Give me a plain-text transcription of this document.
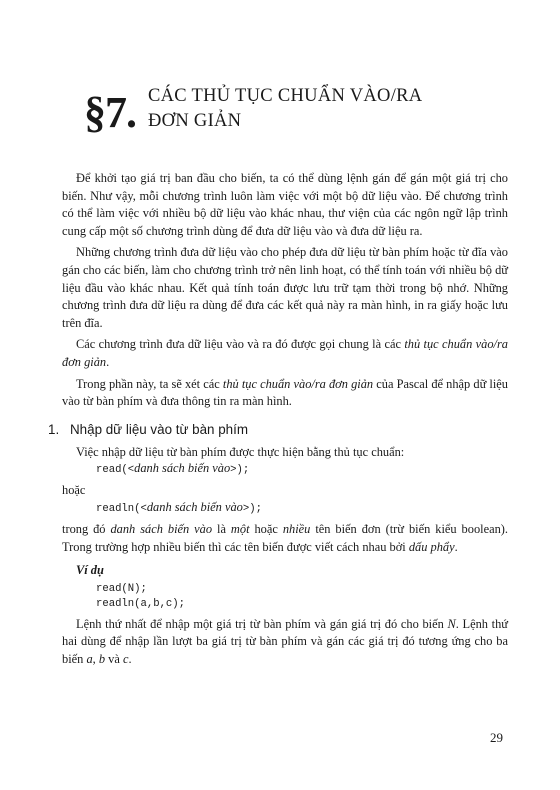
§7. CÁC THỦ TỤC CHUẨN VÀO/RA
ĐƠN GIẢN

Để khởi tạo giá trị ban đầu cho biến, ta có thể dùng lệnh gán để gán một giá trị cho biến. Như vậy, mỗi chương trình luôn làm việc với một bộ dữ liệu vào. Để chương trình có thể làm việc với nhiều bộ dữ liệu vào khác nhau, thư viện của các ngôn ngữ lập trình cung cấp một số chương trình dùng để đưa dữ liệu vào và đưa dữ liệu ra.

Những chương trình đưa dữ liệu vào cho phép đưa dữ liệu từ bàn phím hoặc từ đĩa vào gán cho các biến, làm cho chương trình trở nên linh hoạt, có thể tính toán với nhiều bộ dữ liệu đầu vào khác nhau. Kết quả tính toán được lưu trữ tạm thời trong bộ nhớ. Những chương trình đưa dữ liệu ra dùng để đưa các kết quả này ra màn hình, in ra giấy hoặc lưu trên đĩa.

Các chương trình đưa dữ liệu vào và ra đó được gọi chung là các thủ tục chuẩn vào/ra đơn giản.

Trong phần này, ta sẽ xét các thủ tục chuẩn vào/ra đơn giản của Pascal để nhập dữ liệu vào từ bàn phím và đưa thông tin ra màn hình.

1. Nhập dữ liệu vào từ bàn phím

Việc nhập dữ liệu từ bàn phím được thực hiện bằng thủ tục chuẩn:

read(<danh sách biến vào>);

hoặc

readln(<danh sách biến vào>);

trong đó danh sách biến vào là một hoặc nhiều tên biến đơn (trừ biến kiểu boolean). Trong trường hợp nhiều biến thì các tên biến được viết cách nhau bởi dấu phẩy.

Ví dụ
read(N);
readln(a,b,c);

Lệnh thứ nhất để nhập một giá trị từ bàn phím và gán giá trị đó cho biến N. Lệnh thứ hai dùng để nhập lần lượt ba giá trị từ bàn phím và gán các giá trị đó tương ứng cho ba biến a, b và c.

29
